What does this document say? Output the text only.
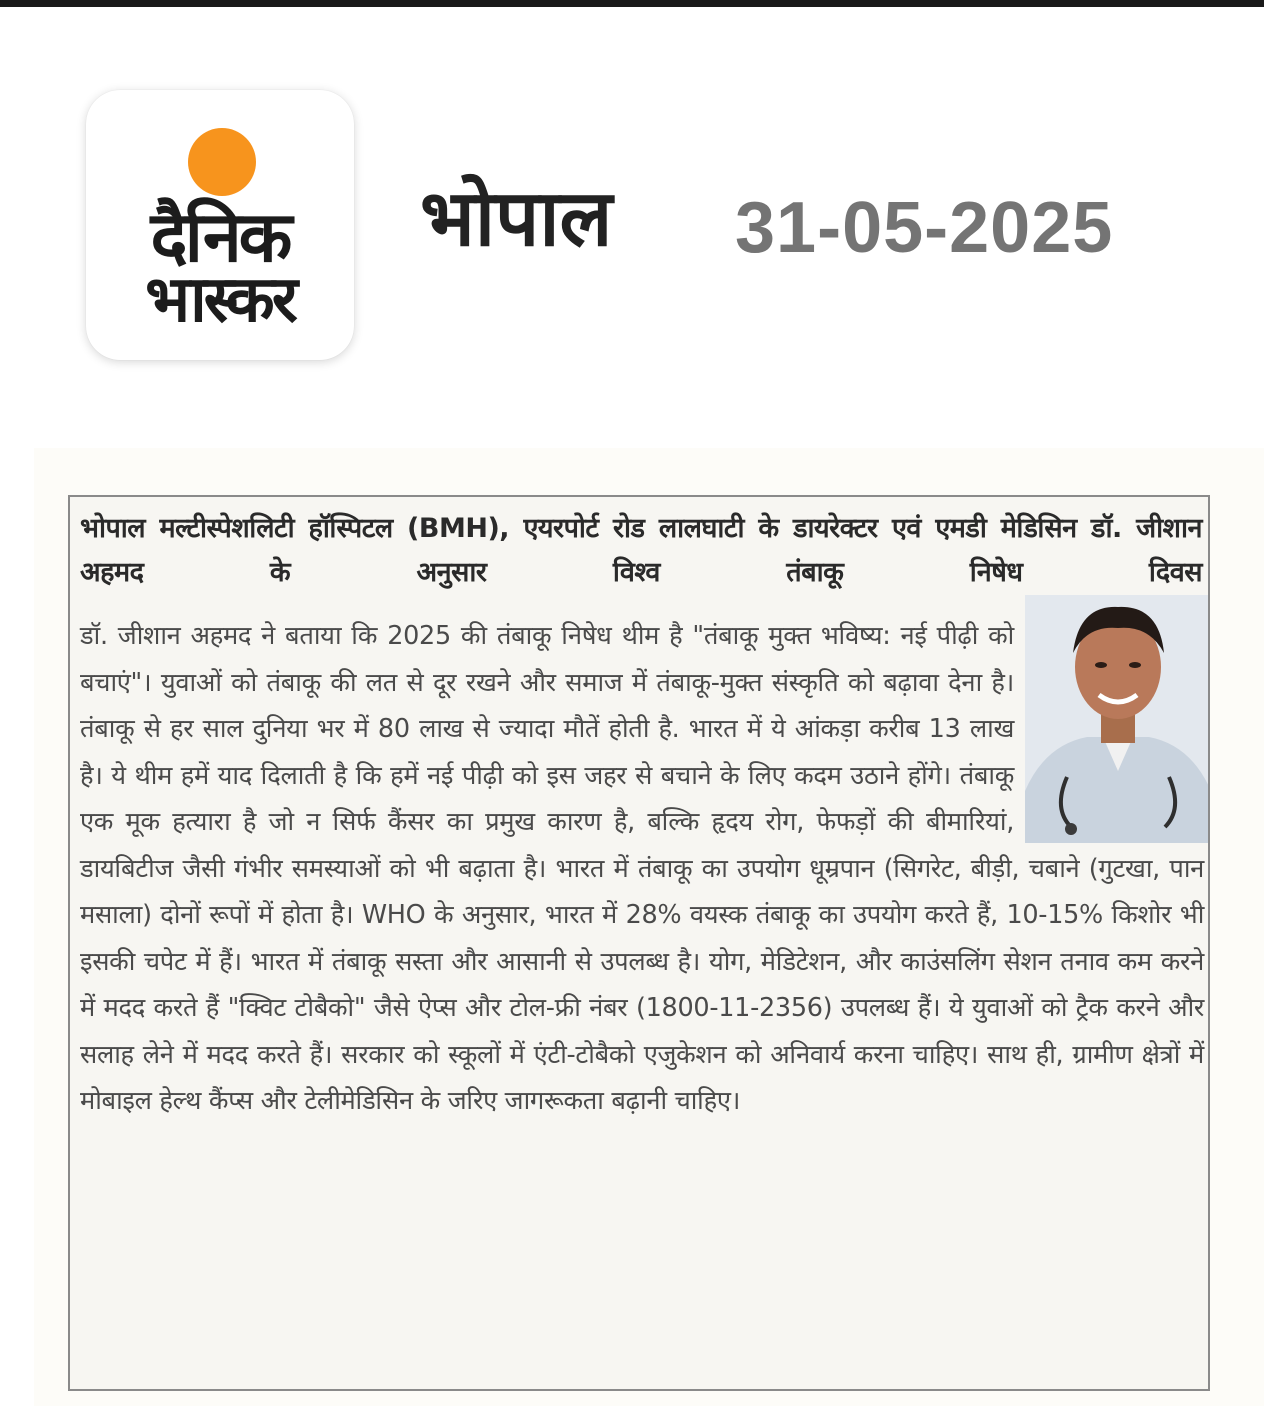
दैनिक
भास्कर
भोपाल 31-05-2025
भोपाल मल्टीस्पेशलिटी हॉस्पिटल (BMH), एयरपोर्ट रोड लालघाटी के डायरेक्टर एवं एमडी मेडिसिन डॉ. जीशान अहमद के अनुसार विश्व तंबाकू निषेध दिवस
डॉ. जीशान अहमद ने बताया कि 2025 की तंबाकू निषेध थीम है "तंबाकू मुक्त भविष्य: नई पीढ़ी को बचाएं"। युवाओं को तंबाकू की लत से दूर रखने और समाज में तंबाकू-मुक्त संस्कृति को बढ़ावा देना है। तंबाकू से हर साल दुनिया भर में 80 लाख से ज्यादा मौतें होती है. भारत में ये आंकड़ा करीब 13 लाख है। ये थीम हमें याद दिलाती है कि हमें नई पीढ़ी को इस जहर से बचाने के लिए कदम उठाने होंगे। तंबाकू एक मूक हत्यारा है जो न सिर्फ कैंसर का प्रमुख कारण है, बल्कि हृदय रोग, फेफड़ों की बीमारियां, डायबिटीज जैसी गंभीर समस्याओं को भी बढ़ाता है। भारत में तंबाकू का उपयोग धूम्रपान (सिगरेट, बीड़ी, चबाने (गुटखा, पान मसाला) दोनों रूपों में होता है। WHO के अनुसार, भारत में 28% वयस्क तंबाकू का उपयोग करते हैं, 10-15% किशोर भी इसकी चपेट में हैं। भारत में तंबाकू सस्ता और आसानी से उपलब्ध है। योग, मेडिटेशन, और काउंसलिंग सेशन तनाव कम करने में मदद करते हैं "क्विट टोबैको" जैसे ऐप्स और टोल-फ्री नंबर (1800-11-2356) उपलब्ध हैं। ये युवाओं को ट्रैक करने और सलाह लेने में मदद करते हैं। सरकार को स्कूलों में एंटी-टोबैको एजुकेशन को अनिवार्य करना चाहिए। साथ ही, ग्रामीण क्षेत्रों में मोबाइल हेल्थ कैंप्स और टेलीमेडिसिन के जरिए जागरूकता बढ़ानी चाहिए।
